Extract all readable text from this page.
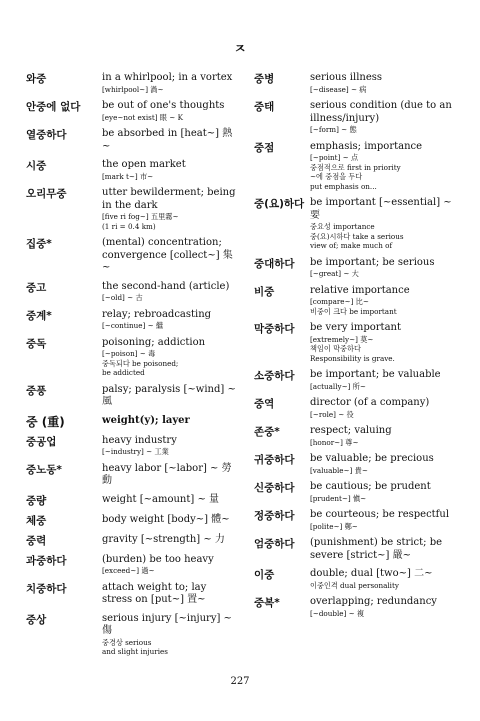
ㅈ
와중	in a whirlpool; in a vortex
[whirlpool~] 渦~
안중에 없다 be out of one's thoughts
[eye~not exist] 眼 ~ K
열중하다	be absorbed in [heat~] 熱~
시중	the open market
[mark t~] 市~
오리무중	utter bewilderment; being in the dark
[five ri fog~] 五里霧~
(1 ri = 0.4 km)
집중*	(mental) concentration; convergence [collect~] 集~
중고	the second-hand (article)
[~old] ~ 古
중계*	relay; rebroadcasting
[~continue] ~ 繼
중독	poisoning; addiction
[~poison] ~ 毒
중독되다 be poisoned;
be addicted
중풍	palsy; paralysis [~wind] ~風
중 (重)	weight(y); layer
중공업	heavy industry
[~industry] ~ 工業
중노동*	heavy labor [~labor] ~ 勞動
중량	weight [~amount] ~ 量
체중	body weight [body~] 體~
중력	gravity [~strength] ~ 力
과중하다	(burden) be too heavy
[exceed~] 過~
치중하다	attach weight to; lay stress on [put~] 置~
중상	serious injury [~injury] ~ 傷
중경상 serious
and slight injuries
중병	serious illness
[~disease] ~ 病
중태	serious condition (due to an illness/injury)
[~form] ~ 態
중점	emphasis; importance
[~point] ~ 点
중점적으로 first in priority
~에 중점을 두다
put emphasis on...
중(요)하다 be important [~essential] ~ 要
중요성 importance
중(요)시하다 take a serious
view of; make much of
중대하다 be important; be serious
[~great] ~ 大
비중	relative importance
[compare~] 比~
비중이 크다 be important
막중하다 be very important
[extremely~] 莫~
책임이 막중하다
Responsibility is grave.
소중하다 be important; be valuable
[actually~] 所~
중역	director (of a company)
[~role] ~ 役
존중*	respect; valuing
[honor~] 尊~
귀중하다 be valuable; be precious
[valuable~] 貴~
신중하다 be cautious; be prudent
[prudent~] 愼~
정중하다 be courteous; be respectful
[polite~] 鄭~
엄중하다 (punishment) be strict; be severe [strict~] 嚴~
이중	double; dual [two~] 二~
이중인격 dual personality
중복*	overlapping; redundancy
[~double] ~ 複
227
